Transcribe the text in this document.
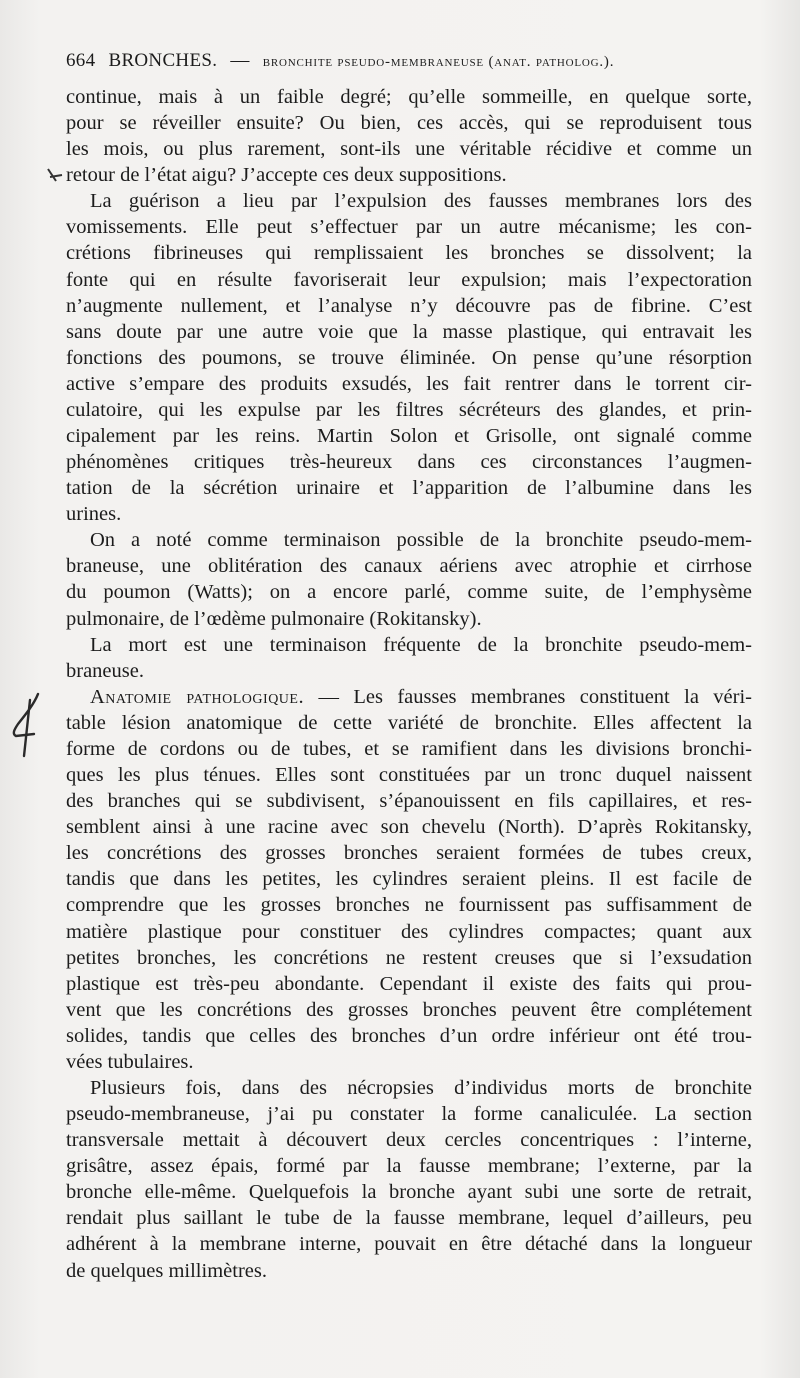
664 BRONCHES. — bronchite pseudo-membraneuse (anat. patholog.).
continue, mais à un faible degré; qu’elle sommeille, en quelque sorte,
pour se réveiller ensuite? Ou bien, ces accès, qui se reproduisent tous
les mois, ou plus rarement, sont-ils une véritable récidive et comme un
retour de l’état aigu? J’accepte ces deux suppositions.
La guérison a lieu par l’expulsion des fausses membranes lors des
vomissements. Elle peut s’effectuer par un autre mécanisme; les con-
crétions fibrineuses qui remplissaient les bronches se dissolvent; la
fonte qui en résulte favoriserait leur expulsion; mais l’expectoration
n’augmente nullement, et l’analyse n’y découvre pas de fibrine. C’est
sans doute par une autre voie que la masse plastique, qui entravait les
fonctions des poumons, se trouve éliminée. On pense qu’une résorption
active s’empare des produits exsudés, les fait rentrer dans le torrent cir-
culatoire, qui les expulse par les filtres sécréteurs des glandes, et prin-
cipalement par les reins. Martin Solon et Grisolle, ont signalé comme
phénomènes critiques très-heureux dans ces circonstances l’augmen-
tation de la sécrétion urinaire et l’apparition de l’albumine dans les
urines.
On a noté comme terminaison possible de la bronchite pseudo-mem-
braneuse, une oblitération des canaux aériens avec atrophie et cirrhose
du poumon (Watts); on a encore parlé, comme suite, de l’emphysème
pulmonaire, de l’œdème pulmonaire (Rokitansky).
La mort est une terminaison fréquente de la bronchite pseudo-mem-
braneuse.
Anatomie pathologique. — Les fausses membranes constituent la véri-
table lésion anatomique de cette variété de bronchite. Elles affectent la
forme de cordons ou de tubes, et se ramifient dans les divisions bronchi-
ques les plus ténues. Elles sont constituées par un tronc duquel naissent
des branches qui se subdivisent, s’épanouissent en fils capillaires, et res-
semblent ainsi à une racine avec son chevelu (North). D’après Rokitansky,
les concrétions des grosses bronches seraient formées de tubes creux,
tandis que dans les petites, les cylindres seraient pleins. Il est facile de
comprendre que les grosses bronches ne fournissent pas suffisamment de
matière plastique pour constituer des cylindres compactes; quant aux
petites bronches, les concrétions ne restent creuses que si l’exsudation
plastique est très-peu abondante. Cependant il existe des faits qui prou-
vent que les concrétions des grosses bronches peuvent être complétement
solides, tandis que celles des bronches d’un ordre inférieur ont été trou-
vées tubulaires.
Plusieurs fois, dans des nécropsies d’individus morts de bronchite
pseudo-membraneuse, j’ai pu constater la forme canaliculée. La section
transversale mettait à découvert deux cercles concentriques : l’interne,
grisâtre, assez épais, formé par la fausse membrane; l’externe, par la
bronche elle-même. Quelquefois la bronche ayant subi une sorte de retrait,
rendait plus saillant le tube de la fausse membrane, lequel d’ailleurs, peu
adhérent à la membrane interne, pouvait en être détaché dans la longueur
de quelques millimètres.
